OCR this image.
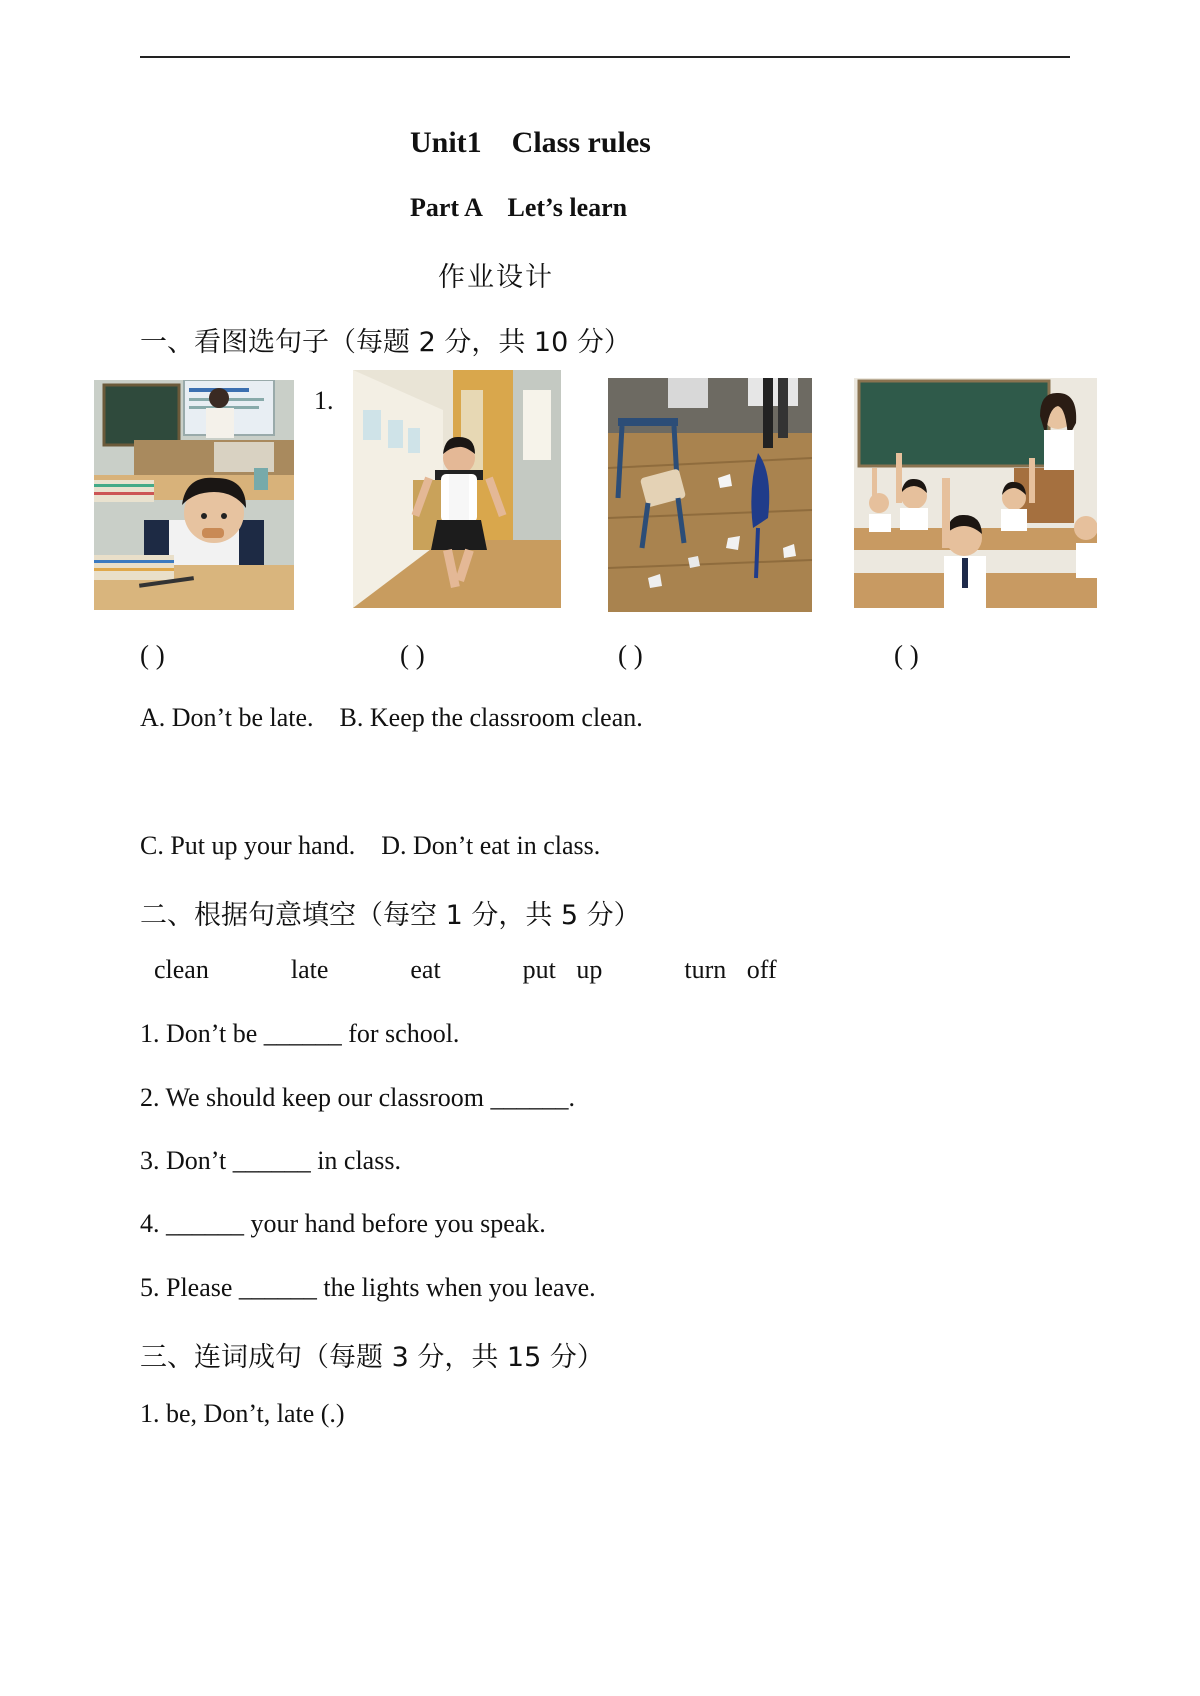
Unit1    Class rules
Part A    Let’s learn
作业设计
一、看图选句子（每题 2 分，共 10 分）
1.
( )	( )	( )	( )
A. Don’t be late.    B. Keep the classroom clean.
C. Put up your hand.    D. Don’t eat in class.
二、根据句意填空（每空 1 分，共 5 分）
clean    late    eat    put up    turn off
1. Don’t be ______ for school.
2. We should keep our classroom ______.
3. Don’t ______ in class.
4. ______ your hand before you speak.
5. Please ______ the lights when you leave.
三、连词成句（每题 3 分，共 15 分）
1. be, Don’t, late (.)
